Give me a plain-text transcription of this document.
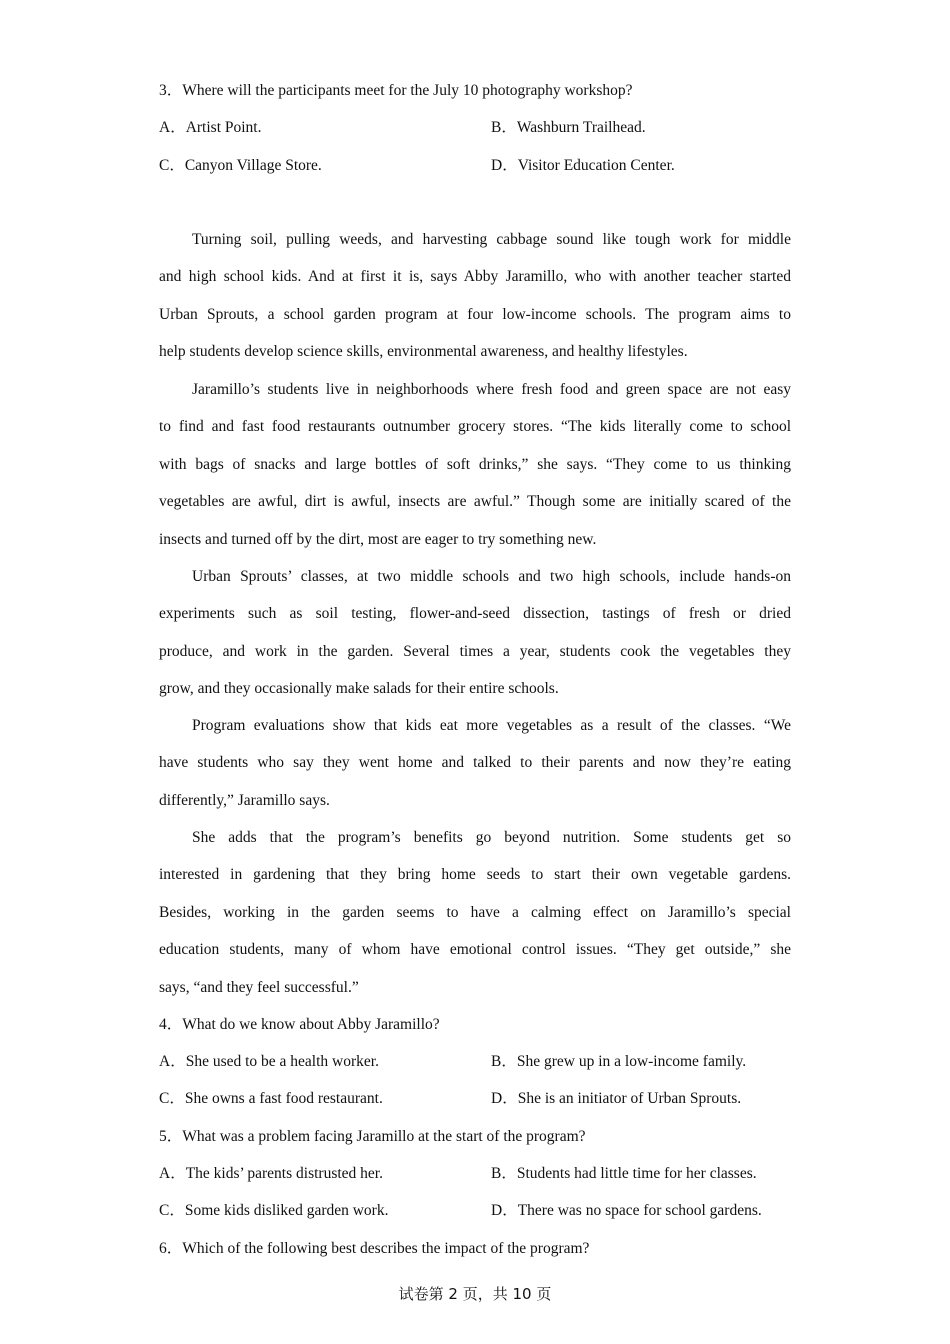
3．Where will the participants meet for the July 10 photography workshop?
A．Artist Point.	B．Washburn Trailhead.
C．Canyon Village Store.	D．Visitor Education Center.
Turning soil, pulling weeds, and harvesting cabbage sound like tough work for middle
and high school kids. And at first it is, says Abby Jaramillo, who with another teacher started
Urban Sprouts, a school garden program at four low-income schools. The program aims to
help students develop science skills, environmental awareness, and healthy lifestyles.
Jaramillo’s students live in neighborhoods where fresh food and green space are not easy
to find and fast food restaurants outnumber grocery stores. “The kids literally come to school
with bags of snacks and large bottles of soft drinks,” she says. “They come to us thinking
vegetables are awful, dirt is awful, insects are awful.” Though some are initially scared of the
insects and turned off by the dirt, most are eager to try something new.
Urban Sprouts’ classes, at two middle schools and two high schools, include hands-on
experiments such as soil testing, flower-and-seed dissection, tastings of fresh or dried
produce, and work in the garden. Several times a year, students cook the vegetables they
grow, and they occasionally make salads for their entire schools.
Program evaluations show that kids eat more vegetables as a result of the classes. “We
have students who say they went home and talked to their parents and now they’re eating
differently,” Jaramillo says.
She adds that the program’s benefits go beyond nutrition. Some students get so
interested in gardening that they bring home seeds to start their own vegetable gardens.
Besides, working in the garden seems to have a calming effect on Jaramillo’s special
education students, many of whom have emotional control issues. “They get outside,” she
says, “and they feel successful.”
4．What do we know about Abby Jaramillo?
A．She used to be a health worker.	B．She grew up in a low-income family.
C．She owns a fast food restaurant.	D．She is an initiator of Urban Sprouts.
5．What was a problem facing Jaramillo at the start of the program?
A．The kids’ parents distrusted her.	B．Students had little time for her classes.
C．Some kids disliked garden work.	D．There was no space for school gardens.
6．Which of the following best describes the impact of the program?
试卷第 2 页，共 10 页
